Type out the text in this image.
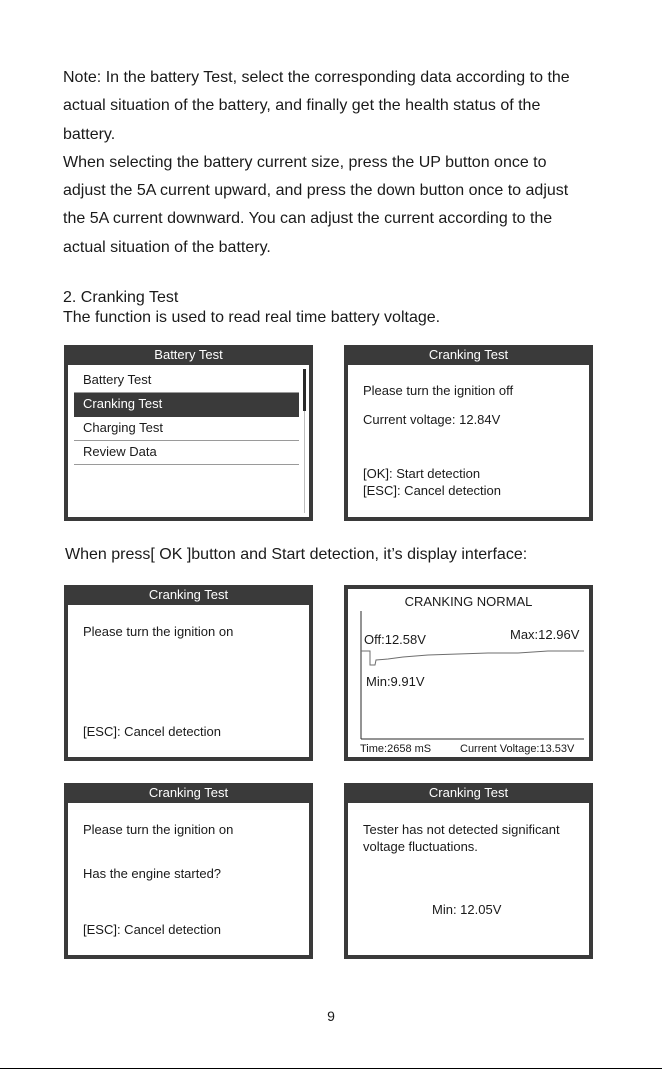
Note: In the battery Test, select the corresponding data according to the
actual situation of the battery, and finally get the health status of the
battery.
When selecting the battery current size, press the UP button once to
adjust the 5A current upward, and press the down button once to adjust
the 5A current downward. You can adjust the current according to the
actual situation of the battery.
2. Cranking Test

The function is used to read real time battery voltage.

Battery Test
Battery Test
Cranking Test
Charging Test
Review Data
Cranking Test
Please turn the ignition off
Current voltage: 12.84V
[OK]: Start detection
[ESC]: Cancel detection

When press[ OK ]button and Start detection, it’s display interface:

Cranking Test
Please turn the ignition on
[ESC]: Cancel detection
CRANKING NORMAL
Off:12.58V	Max:12.96V
Min:9.91V
Time:2658 mS	Current Voltage:13.53V
Cranking Test
Please turn the ignition on
Has the engine started?
[ESC]: Cancel detection
Cranking Test
Tester has not detected significant
voltage fluctuations.
Min: 12.05V
9
